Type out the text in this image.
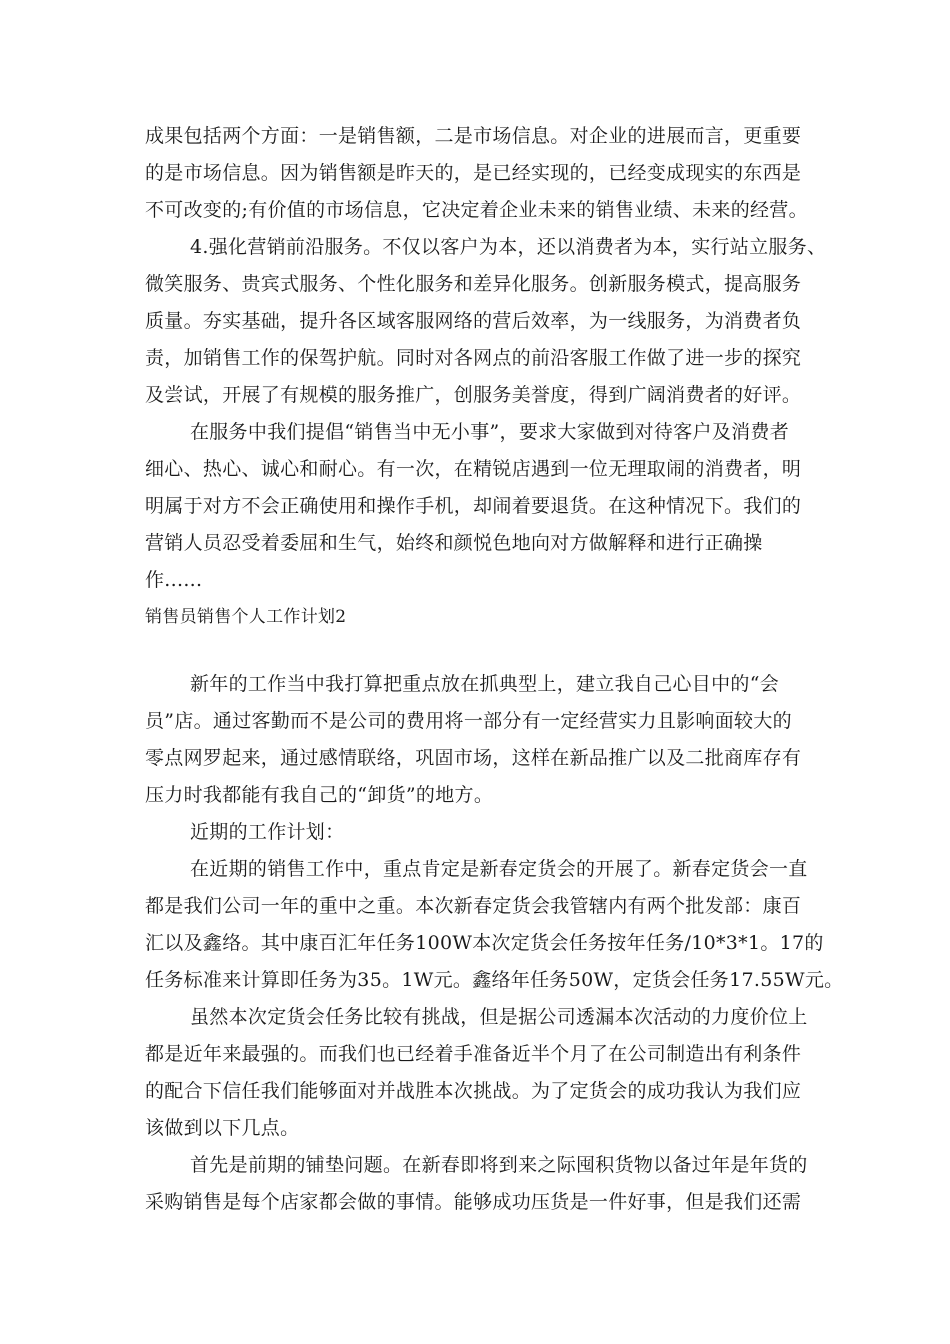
成果包括两个方面：一是销售额，二是市场信息。对企业的进展而言，更重要
的是市场信息。因为销售额是昨天的，是已经实现的，已经变成现实的东西是
不可改变的;有价值的市场信息，它决定着企业未来的销售业绩、未来的经营。
4.强化营销前沿服务。不仅以客户为本，还以消费者为本，实行站立服务、
微笑服务、贵宾式服务、个性化服务和差异化服务。创新服务模式，提高服务
质量。夯实基础，提升各区域客服网络的营后效率，为一线服务，为消费者负
责，加销售工作的保驾护航。同时对各网点的前沿客服工作做了进一步的探究
及尝试，开展了有规模的服务推广，创服务美誉度，得到广阔消费者的好评。
在服务中我们提倡“销售当中无小事”，要求大家做到对待客户及消费者
细心、热心、诚心和耐心。有一次，在精锐店遇到一位无理取闹的消费者，明
明属于对方不会正确使用和操作手机，却闹着要退货。在这种情况下。我们的
营销人员忍受着委屈和生气，始终和颜悦色地向对方做解释和进行正确操
作......
销售员销售个人工作计划2
新年的工作当中我打算把重点放在抓典型上，建立我自己心目中的“会
员”店。通过客勤而不是公司的费用将一部分有一定经营实力且影响面较大的
零点网罗起来，通过感情联络，巩固市场，这样在新品推广以及二批商库存有
压力时我都能有我自己的“卸货”的地方。
近期的工作计划：
在近期的销售工作中，重点肯定是新春定货会的开展了。新春定货会一直
都是我们公司一年的重中之重。本次新春定货会我管辖内有两个批发部：康百
汇以及鑫络。其中康百汇年任务100W本次定货会任务按年任务/10*3*1。17的
任务标准来计算即任务为35。1W元。鑫络年任务50W，定货会任务17.55W元。
虽然本次定货会任务比较有挑战，但是据公司透漏本次活动的力度价位上
都是近年来最强的。而我们也已经着手准备近半个月了在公司制造出有利条件
的配合下信任我们能够面对并战胜本次挑战。为了定货会的成功我认为我们应
该做到以下几点。
首先是前期的铺垫问题。在新春即将到来之际囤积货物以备过年是年货的
采购销售是每个店家都会做的事情。能够成功压货是一件好事，但是我们还需
